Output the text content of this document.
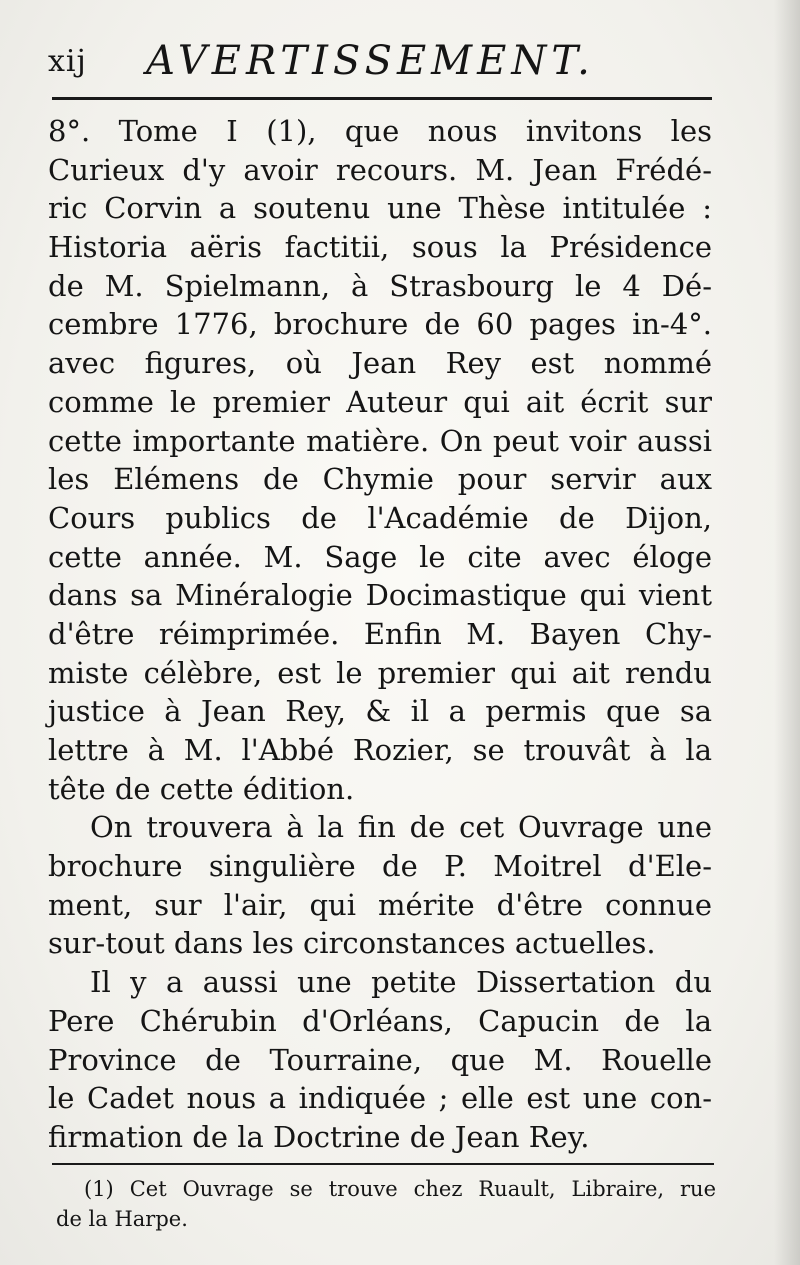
xij AVERTISSEMENT.
8°. Tome I (1), que nous invitons les
Curieux d'y avoir recours. M. Jean Frédé-
ric Corvin a soutenu une Thèse intitulée :
Historia aëris factitii, sous la Présidence
de M. Spielmann, à Strasbourg le 4 Dé-
cembre 1776, brochure de 60 pages in-4°.
avec figures, où Jean Rey est nommé
comme le premier Auteur qui ait écrit sur
cette importante matière. On peut voir aussi
les Elémens de Chymie pour servir aux
Cours publics de l'Académie de Dijon,
cette année. M. Sage le cite avec éloge
dans sa Minéralogie Docimastique qui vient
d'être réimprimée. Enfin M. Bayen Chy-
miste célèbre, est le premier qui ait rendu
justice à Jean Rey, & il a permis que sa
lettre à M. l'Abbé Rozier, se trouvât à la
tête de cette édition.
On trouvera à la fin de cet Ouvrage une
brochure singulière de P. Moitrel d'Ele-
ment, sur l'air, qui mérite d'être connue
sur-tout dans les circonstances actuelles.
Il y a aussi une petite Dissertation du
Pere Chérubin d'Orléans, Capucin de la
Province de Tourraine, que M. Rouelle
le Cadet nous a indiquée ; elle est une con-
firmation de la Doctrine de Jean Rey.
(1) Cet Ouvrage se trouve chez Ruault, Libraire, rue
de la Harpe.
